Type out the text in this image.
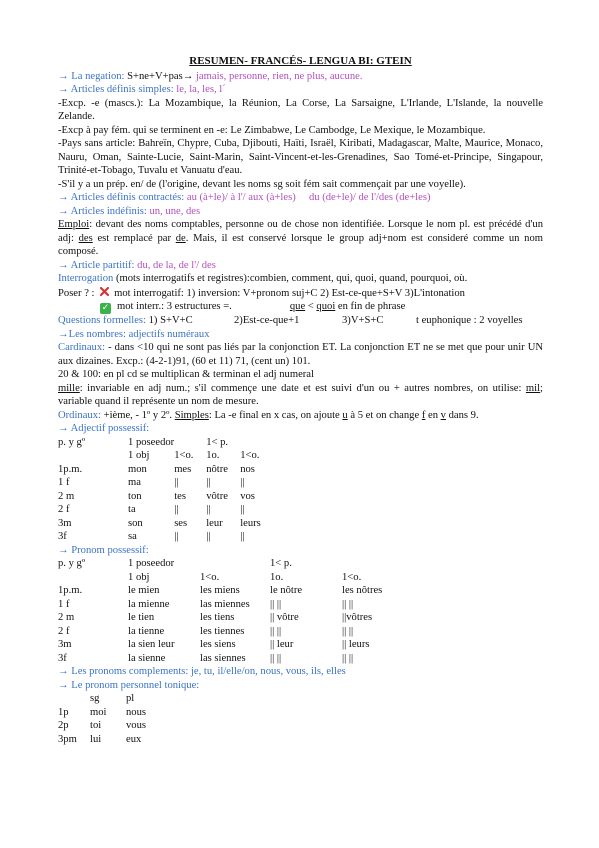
RESUMEN- FRANCÉS- LENGUA BI: GTEIN

→ La negation: S+ne+V+pas→ jamais, personne, rien, ne plus, aucune.

→ Articles définis simples: le, la, les, l´

-Excp. -e (mascs.): La Mozambique, la Réunion, La Corse, La Sarsaigne, L'Irlande, L'Islande, la nouvelle Zelande.

-Excp à pay fém. qui se terminent en -e: Le Zimbabwe, Le Cambodge, Le Mexique, le Mozambique.

-Pays sans article: Bahreïn, Chypre, Cuba, Djibouti, Haïti, Israël, Kiribati, Madagascar, Malte, Maurice, Monaco, Nauru, Oman, Sainte-Lucie, Saint-Marin, Saint-Vincent-et-les-Grenadines, Sao Tomé-et-Principe, Singapour, Trinité-et-Tobago, Tuvalu et Vanuatu d'eau.

-S'il y a un prép. en/ de (l'origine, devant les noms sg soit fém sait commençait par une voyelle).

→ Articles définis contractés: au (à+le)/ à l'/ aux (à+les)     du (de+le)/ de l'/des (de+les)

→ Articles indéfinis: un, une, des

Emploi: devant des noms comptables, personne ou de chose non identifiée. Lorsque le nom pl. est précédé d'un adj: des est remplacé par de. Mais, il est conservé lorsque le group adj+nom est consideré comme un nom composé.

→ Article partitif: du, de la, de l'/ des

Interrogation (mots interrogatifs et registres):combien, comment, qui, quoi, quand, pourquoi, où.

Poser ? : mot interrogatif: 1) inversion: V+pronom suj+C 2) Est-ce-que+S+V 3)L'intonation

✓ mot interr.: 3 estructures =.	que < quoi en fin de phrase

Questions formelles: 1) S+V+C	2)Est-ce-que+1	3)V+S+C	t euphonique : 2 voyelles

→Les nombres: adjectifs numéraux

Cardinaux: - dans <10 qui ne sont pas liés par la conjonction ET. La conjonction ET ne se met que pour unir UN aux dizaines. Excp.: (4-2-1)91, (60 et 11) 71, (cent un) 101.

20 & 100: en pl cd se multiplican & terminan el adj numeral

mille: invariable en adj num.; s'il commençe une date et est suivi d'un ou + autres nombres, on utilise: mil; variable quand il représente un nom de mesure.

Ordinaux: +ième, - 1º y 2º. Simples: La -e final en x cas, on ajoute u à 5 et on change f en v dans 9.

→ Adjectif possessif:

p. y gº	1 poseedor		1< p.	
	1 obj	1<o.	1o.	1<o.
1p.m.	mon	mes	nôtre	nos
1 f	ma	||	||	||
2 m	ton	tes	vôtre	vos
2 f	ta	||	||	||
3m	son	ses	leur	leurs
3f	sa	||	||	||

→ Pronom possessif:

p. y gº	1 poseedor		1< p.	
	1 obj	1<o.	1o.	1<o.
1p.m.	le mien	les miens	le nôtre	les nôtres
1 f	la mienne	las miennes	|| ||	|| ||
2 m	le tien	les tiens	|| vôtre	||vôtres
2 f	la tienne	les tiennes	|| ||	|| ||
3m	la sien leur	les siens	|| leur	|| leurs
3f	la sienne	las siennes	|| ||	|| ||

→ Les pronoms complements: je, tu, il/elle/on, nous, vous, ils, elles

→ Le pronom personnel tonique:

	sg	pl
1p	moi	nous
2p	toi	vous
3pm	lui	eux
